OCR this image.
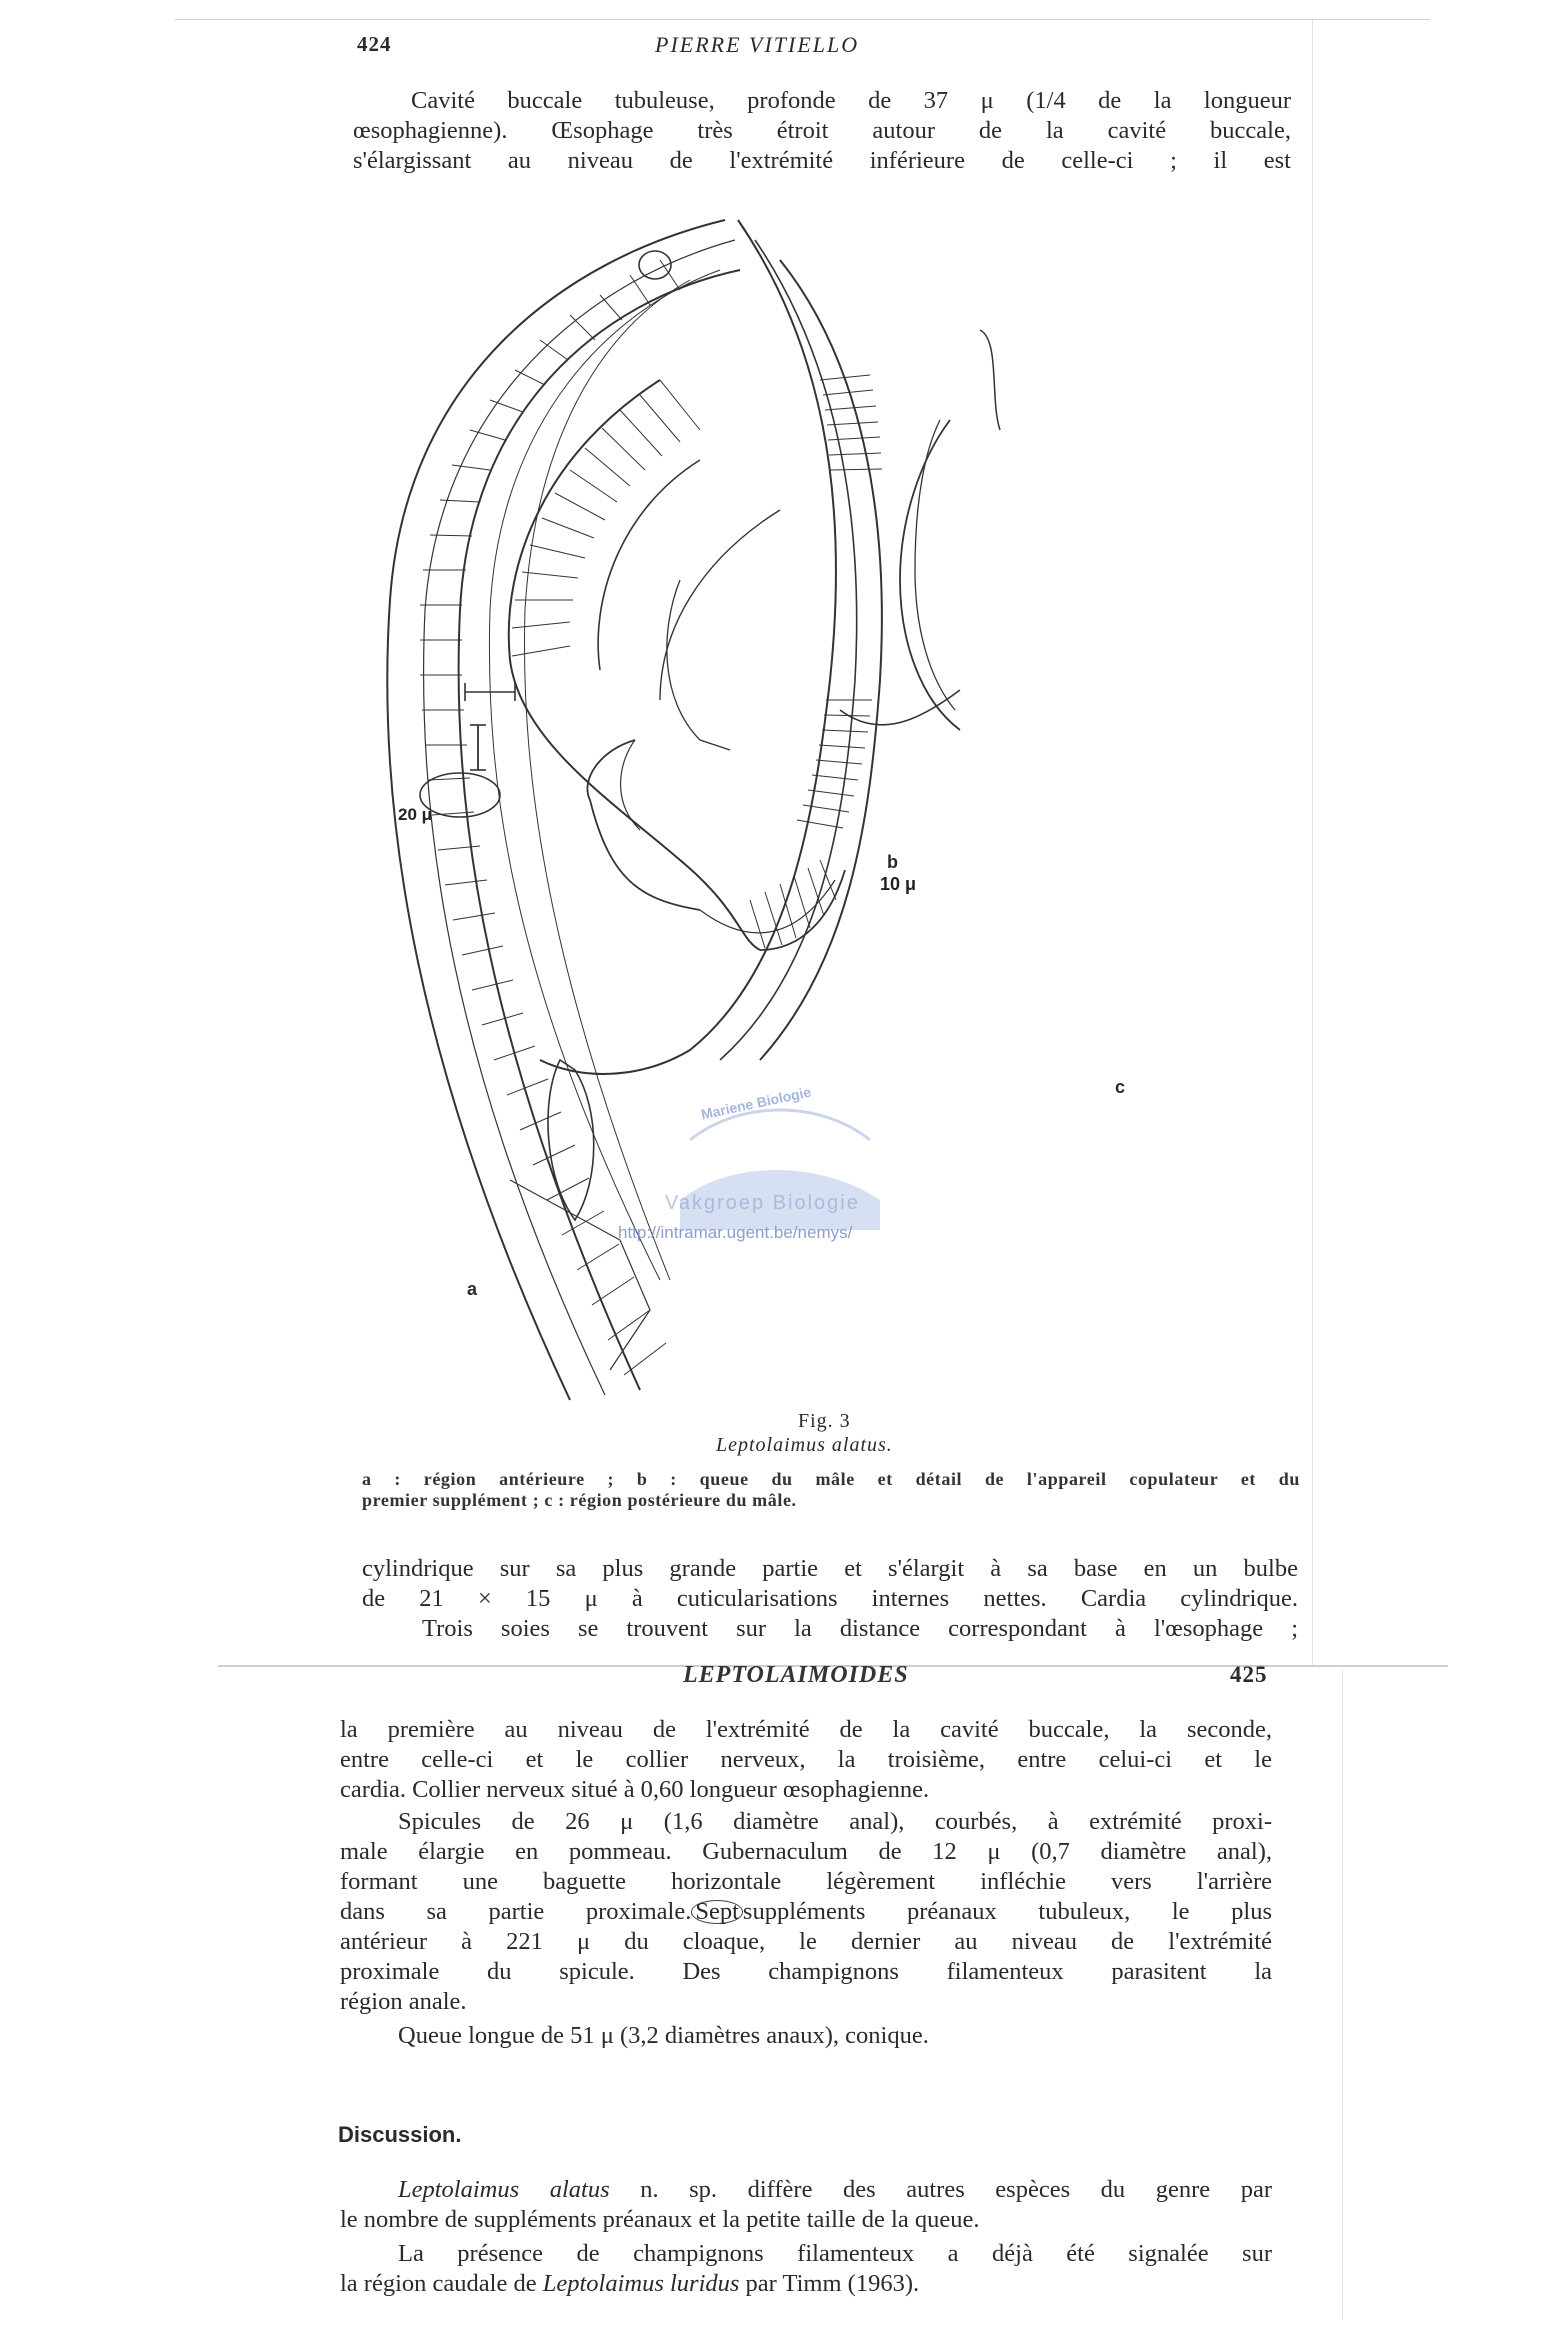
424	PIERRE VITIELLO
Cavité buccale tubuleuse, profonde de 37 μ (1/4 de la longueur
œsophagienne). Œsophage très étroit autour de la cavité buccale,
s'élargissant au niveau de l'extrémité inférieure de celle-ci ; il est
10 μ
20 μ
a
b
c
Vakgroep Biologie
http://intramar.ugent.be/nemys/
Mariene Biologie
Fig. 3
Leptolaimus alatus.
a : région antérieure ; b : queue du mâle et détail de l'appareil copulateur et du
premier supplément ; c : région postérieure du mâle.
cylindrique sur sa plus grande partie et s'élargit à sa base en un bulbe
de 21 × 15 μ à cuticularisations internes nettes. Cardia cylindrique.
Trois soies se trouvent sur la distance correspondant à l'œsophage ;
LEPTOLAIMOIDES	425
la première au niveau de l'extrémité de la cavité buccale, la seconde,
entre celle-ci et le collier nerveux, la troisième, entre celui-ci et le
cardia. Collier nerveux situé à 0,60 longueur œsophagienne.
Spicules de 26 μ (1,6 diamètre anal), courbés, à extrémité proxi-
male élargie en pommeau. Gubernaculum de 12 μ (0,7 diamètre anal),
formant une baguette horizontale légèrement infléchie vers l'arrière
dans sa partie proximale. Sept suppléments préanaux tubuleux, le plus
antérieur à 221 μ du cloaque, le dernier au niveau de l'extrémité
proximale du spicule. Des champignons filamenteux parasitent la
région anale.
Queue longue de 51 μ (3,2 diamètres anaux), conique.
Discussion.
Leptolaimus alatus n. sp. diffère des autres espèces du genre par
le nombre de suppléments préanaux et la petite taille de la queue.
La présence de champignons filamenteux a déjà été signalée sur
la région caudale de Leptolaimus luridus par Timm (1963).
